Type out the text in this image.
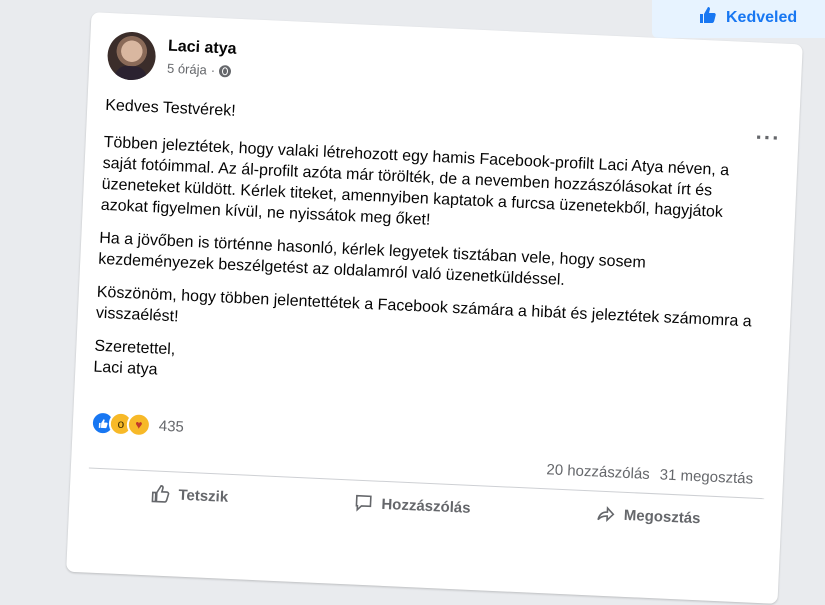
Kedveled
Laci atya
5 órája ·
···

Kedves Testvérek!

Többen jeleztétek, hogy valaki létrehozott egy hamis Facebook-profilt Laci Atya néven, a saját fotóimmal. Az ál-profilt azóta már törölték, de a nevemben hozzászólásokat írt és üzeneteket küldött. Kérlek titeket, amennyiben kaptatok a furcsa üzenetekből, hagyjátok azokat figyelmen kívül, ne nyissátok meg őket!

Ha a jövőben is történne hasonló, kérlek legyetek tisztában vele, hogy sosem kezdeményezek beszélgetést az oldalamról való üzenetküldéssel.

Köszönöm, hogy többen jelentettétek a Facebook számára a hibát és jeleztétek számomra a visszaélést!

Szeretettel,

Laci atya

o ♥	435
20 hozzászólás 31 megosztás
Tetszik	Hozzászólás
Megosztás
